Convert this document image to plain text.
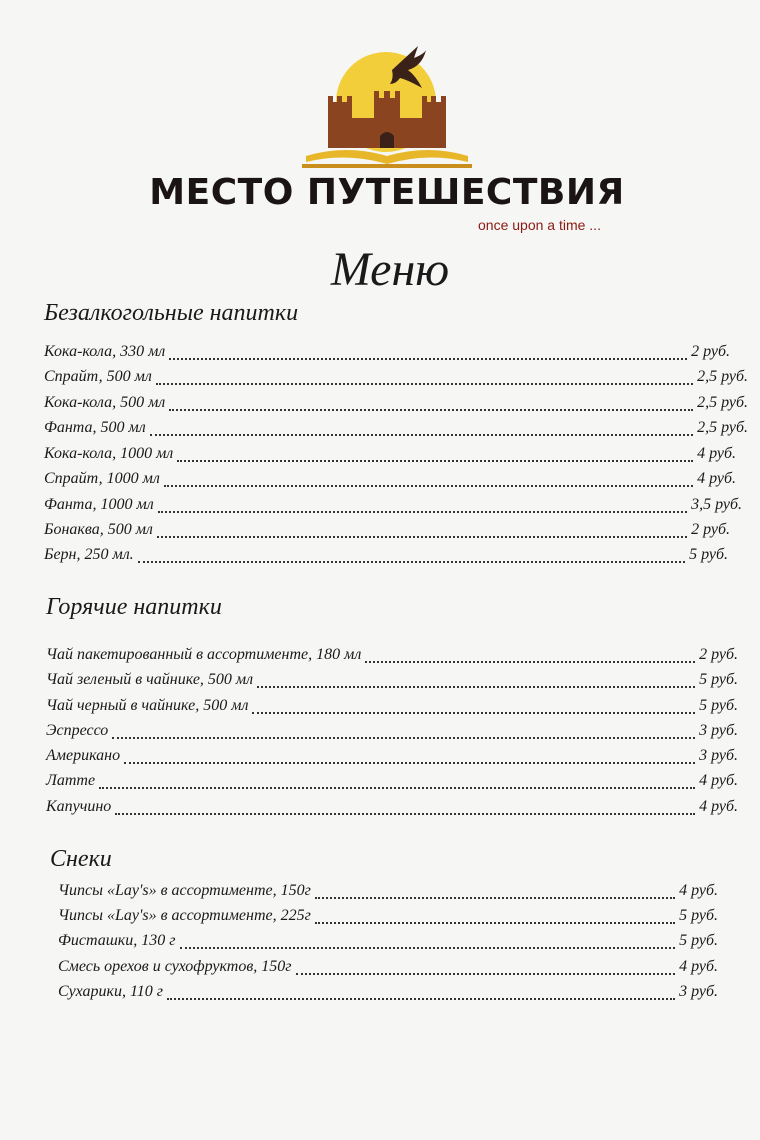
МЕСТО ПУТЕШЕСТВИЯ
once upon a time ...
Меню
Безалкогольные напитки
Кока-кола, 330 мл	2 руб.
Спрайт, 500 мл	2,5 руб.
Кока-кола, 500 мл	2,5 руб.
Фанта, 500 мл	2,5 руб.
Кока-кола, 1000 мл	4 руб.
Спрайт, 1000 мл	4 руб.
Фанта, 1000 мл	3,5 руб.
Бонаква, 500 мл	2 руб.
Берн, 250 мл.	5 руб.
Горячие напитки
Чай пакетированный в ассортименте, 180 мл	2 руб.
Чай зеленый в чайнике, 500 мл	5 руб.
Чай черный в чайнике, 500 мл	5 руб.
Эспрессо	3 руб.
Американо	3 руб.
Латте	4 руб.
Капучино	4 руб.
Снеки
Чипсы «Lay's» в ассортименте, 150г	4 руб.
Чипсы «Lay's» в ассортименте, 225г	5 руб.
Фисташки, 130 г	5 руб.
Смесь орехов и сухофруктов, 150г	4 руб.
Сухарики, 110 г	3 руб.
